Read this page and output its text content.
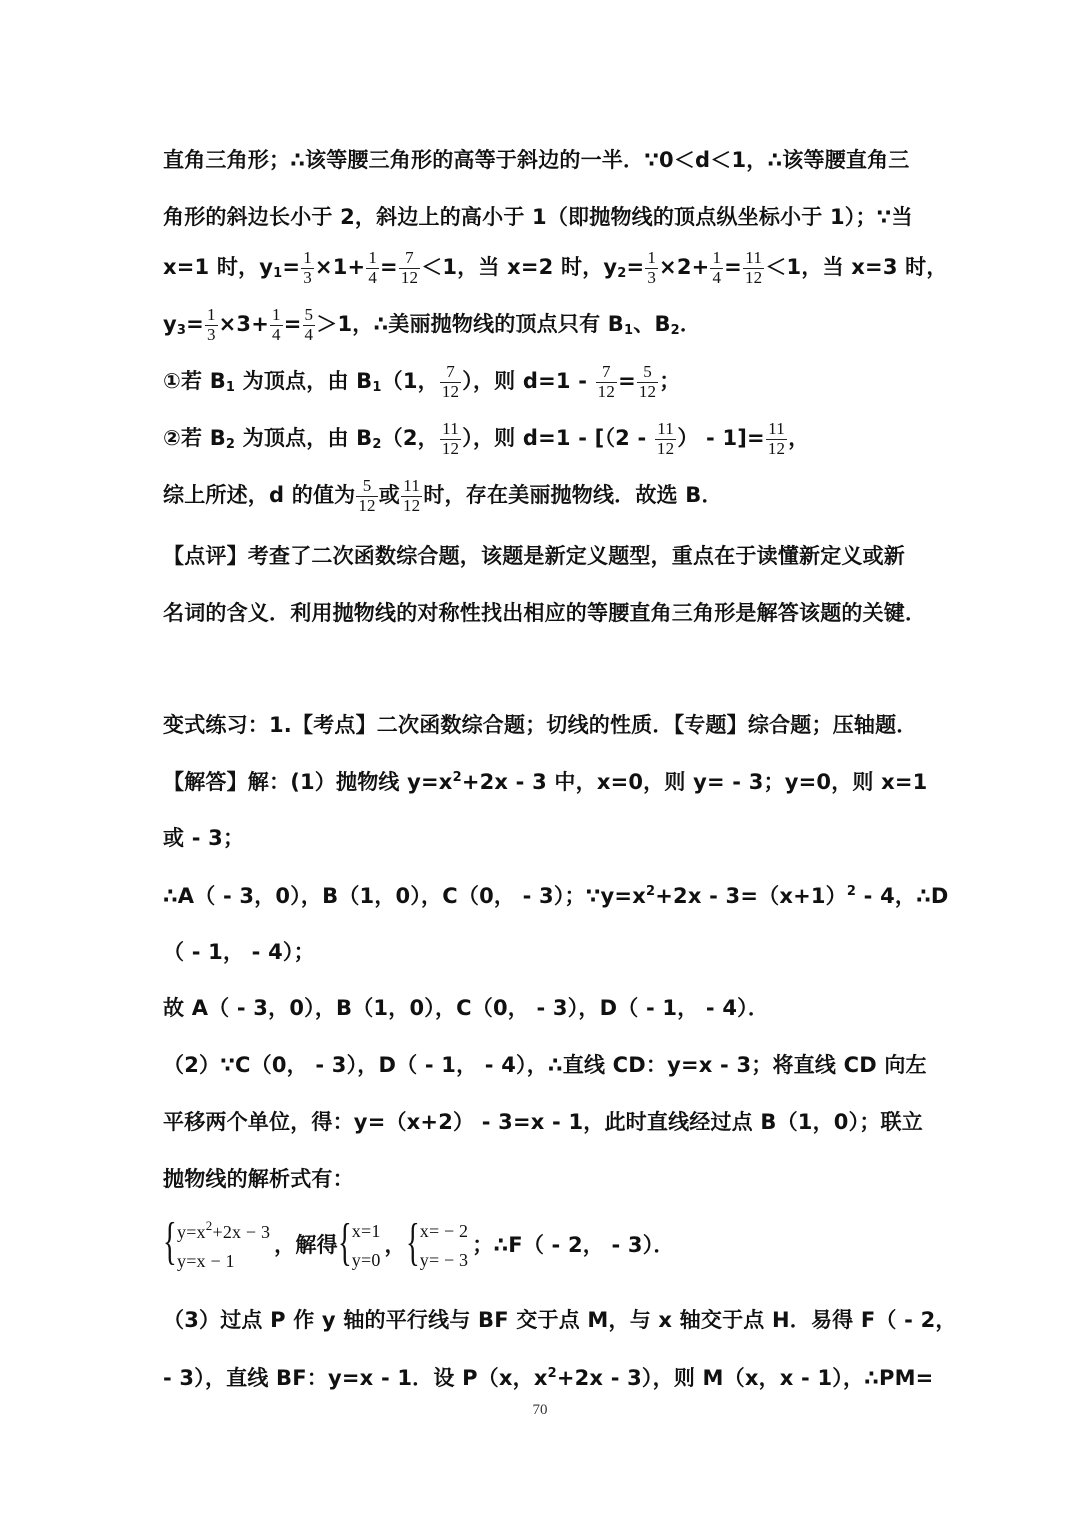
直角三角形；∴该等腰三角形的高等于斜边的一半．∵0＜d＜1，∴该等腰直角三
角形的斜边长小于 2，斜边上的高小于 1（即抛物线的顶点纵坐标小于 1）；∵当
x=1 时，$y_1= \frac{1}{3} \times 1+ \frac{1}{4} = \frac{7}{12} <1$，当 x=2 时，$y_2= \frac{1}{3} \times 2+ \frac{1}{4} = \frac{11}{12} <1$，当 x=3 时，
$y_3= \frac{1}{3} \times 3+ \frac{1}{4} = \frac{5}{4} >1$，∴美丽抛物线的顶点只有 $B_1$、$B_2$．
①若 $B_1$ 为顶点，由 $B_1(1$， $\frac{7}{12}$ ），则 $d=1 - \frac{7}{12} = \frac{5}{12}$ ；
②若 $B_2$ 为顶点，由 $B_2(2$， $\frac{11}{12}$ ），则 $d=1 - [(2 - \frac{11}{12}$ ） - $1]= \frac{11}{12}$ ，
综上所述，d 的值为 $\frac{5}{12}$ 或 $\frac{11}{12}$ 时，存在美丽抛物线．故选 B．
【点评】考查了二次函数综合题，该题是新定义题型，重点在于读懂新定义或新
名词的含义．利用抛物线的对称性找出相应的等腰直角三角形是解答该题的关键．
变式练习：1.【考点】二次函数综合题；切线的性质．【专题】综合题；压轴题．
【解答】解：(1）抛物线 $y=x^2+2x - 3$ 中，x=0，则 y= - 3；y=0，则 x=1
或 - 3；
∴A（ - 3，0），B（1，0），C（0， - 3）；$\because y=x^2+2x - 3=(x+1)^2 - 4$，∴D
（ - 1， - 4）；
故 A（ - 3，0），B（1，0），C（0， - 3），D（ - 1， - 4）．
（2）∵C（0， - 3），D（ - 1， - 4），∴直线 CD：y=x - 3；将直线 CD 向左
平移两个单位，得：y=（x+2） - 3=x - 1，此时直线经过点 B（1，0）；联立
抛物线的解析式有：
{ $y=x^2+2x - 3$
y=x − 1
，解得 { x=1
y=0
， { x= − 2
y= − 3
；∴F（ - 2， - 3）．
（3）过点 P 作 y 轴的平行线与 BF 交于点 M，与 x 轴交于点 H．易得 F（ - 2，
- 3），直线 BF：y=x - 1．设 P（x，$x^2+2x - 3$），则 M（x，x - 1），∴PM=
70
